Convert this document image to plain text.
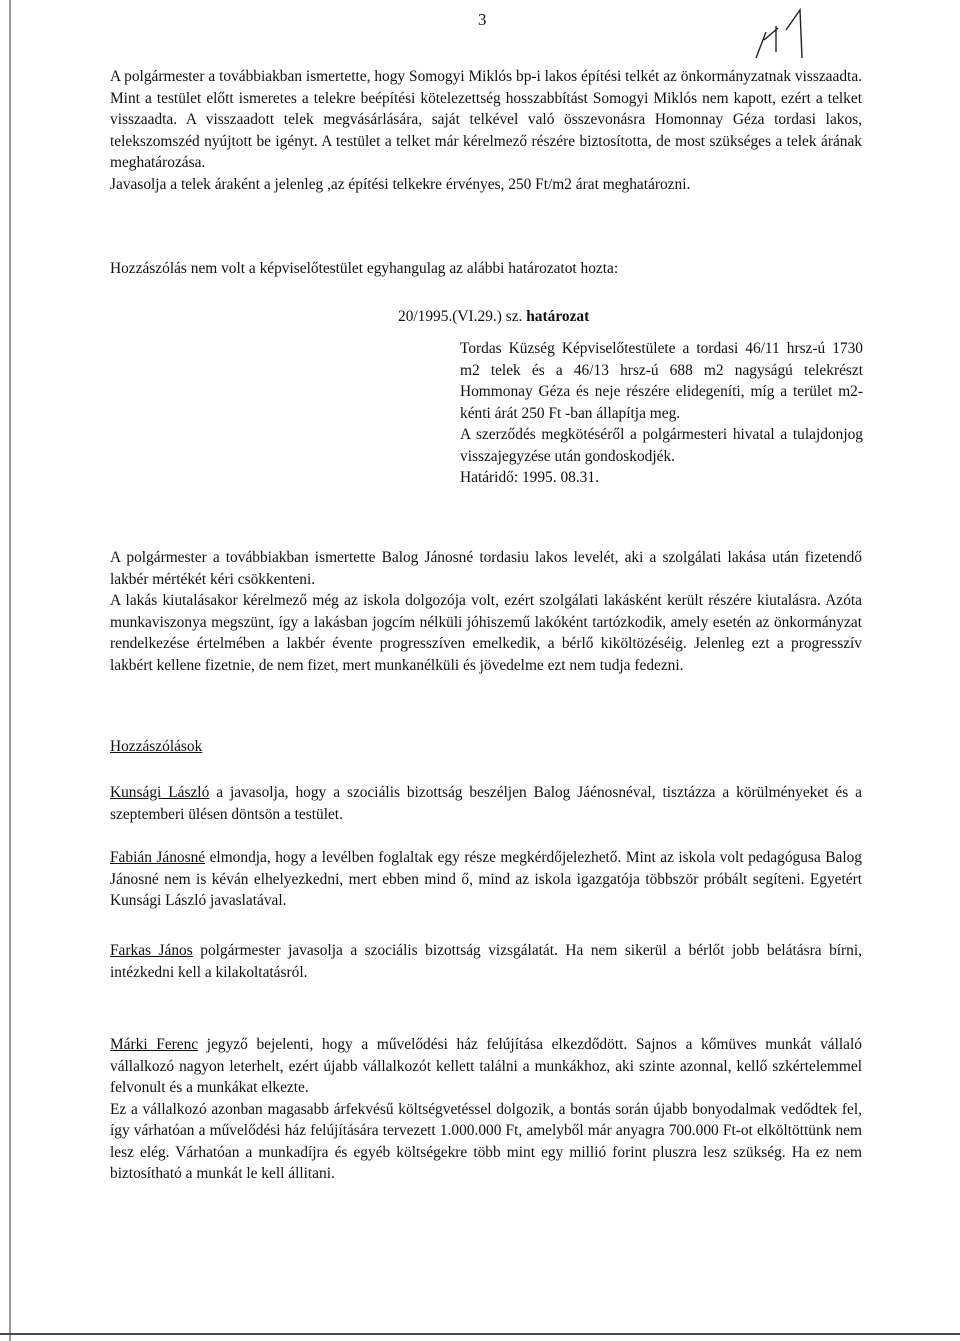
3

A polgármester a továbbiakban ismertette, hogy Somogyi Miklós bp-i lakos építési telkét az önkormányzatnak visszaadta. Mint a testület előtt ismeretes a telekre beépítési kötelezettség hosszabbítást Somogyi Miklós nem kapott, ezért a telket visszaadta. A visszaadott telek megvásárlására, saját telkével való összevonásra Homonnay Géza tordasi lakos, telekszomszéd nyújtott be igényt. A testület a telket már kérelmező részére biztosította, de most szükséges a telek árának meghatározása.

Javasolja a telek áraként a jelenleg ,az építési telkekre érvényes, 250 Ft/m2 árat meghatározni.

Hozzászólás nem volt a képviselőtestület egyhangulag az alábbi határozatot hozta:

20/1995.(VI.29.) sz. határozat

Tordas Küzség Képviselőtestülete a tordasi 46/11 hrsz-ú 1730 m2 telek és a 46/13 hrsz-ú 688 m2 nagyságú telekrészt Hommonay Géza és neje részére elidegeníti, míg a terület m2-kénti árát 250 Ft -ban állapítja meg.

A szerződés megkötéséről a polgármesteri hivatal a tulajdonjog visszajegyzése után gondoskodjék.

Határidő: 1995. 08.31.

A polgármester a továbbiakban ismertette Balog Jánosné tordasiu lakos levelét, aki a szolgálati lakása után fizetendő lakbér mértékét kéri csökkenteni.

A lakás kiutalásakor kérelmező még az iskola dolgozója volt, ezért szolgálati lakásként került részére kiutalásra. Azóta munkaviszonya megszünt, így a lakásban jogcím nélküli jóhiszemű lakóként tartózkodik, amely esetén az önkormányzat rendelkezése értelmében a lakbér évente progresszíven emelkedik, a bérlő kiköltözéséig. Jelenleg ezt a progresszív lakbért kellene fizetnie, de nem fizet, mert munkanélküli és jövedelme ezt nem tudja fedezni.

Hozzászólások

Kunsági László a javasolja, hogy a szociális bizottság beszéljen Balog Jáénosnéval, tisztázza a körülményeket és a szeptemberi ülésen döntsön a testület.

Fabián Jánosné elmondja, hogy a levélben foglaltak egy része megkérdőjelezhető. Mint az iskola volt pedagógusa Balog Jánosné nem is kéván elhelyezkedni, mert ebben mind ő, mind az iskola igazgatója többször próbált segíteni. Egyetért Kunsági László javaslatával.

Farkas János polgármester javasolja a szociális bizottság vizsgálatát. Ha nem sikerül a bérlőt jobb belátásra bírni, intézkedni kell a kilakoltatásról.

Márki Ferenc jegyző bejelenti, hogy a művelődési ház felújítása elkezdődött. Sajnos a kőmüves munkát vállaló vállalkozó nagyon leterhelt, ezért újabb vállalkozót kellett találni a munkákhoz, aki szinte azonnal, kellő szkértelemmel felvonult és a munkákat elkezte.

Ez a vállalkozó azonban magasabb árfekvésű költségvetéssel dolgozik, a bontás során újabb bonyodalmak vedődtek fel, így várhatóan a művelődési ház felújítására tervezett 1.000.000 Ft, amelyből már anyagra 700.000 Ft-ot elköltöttünk nem lesz elég. Várhatóan a munkadíjra és egyéb költségekre több mint egy millió forint pluszra lesz szükség. Ha ez nem biztosítható a munkát le kell állitani.
